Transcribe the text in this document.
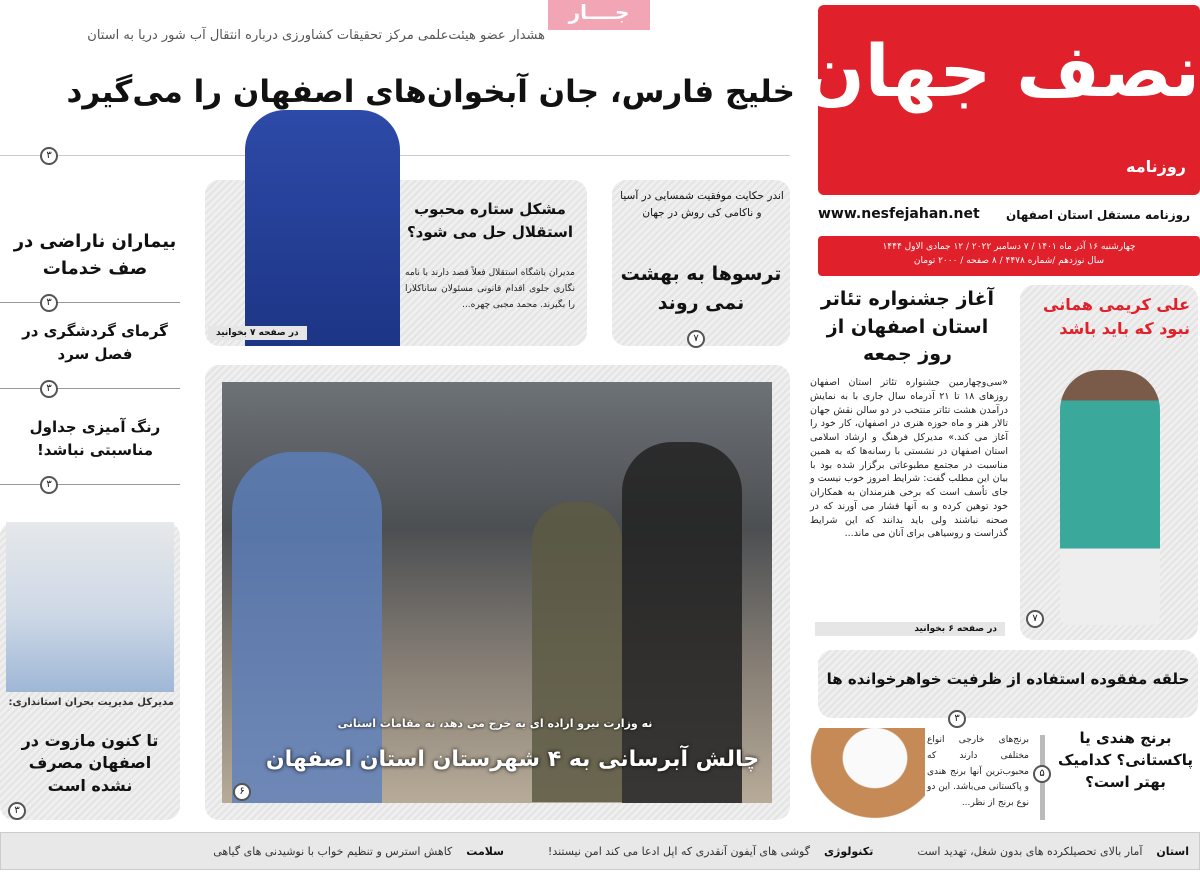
نصف جهان
روزنامه
روزنامه مستقل استان اصفهان
www.nesfejahan.net
چهارشنبه ۱۶ آذر ماه ۱۴۰۱ / ۷ دسامبر ۲۰۲۲ / ۱۲ جمادی الاول ۱۴۴۴
سال نوزدهم /شماره ۴۴۷۸ / ۸ صفحه / ۲۰۰۰ تومان
جــــار
هشدار عضو هیئت‌علمی مرکز تحقیقات کشاورزی درباره انتقال آب شور دریا به استان
خلیج فارس، جان آبخوان‌های اصفهان را می‌گیرد
۳
بیماران ناراضی در صف خدمات
۳
گرمای گردشگری در فصل سرد
۳
رنگ آمیزی جداول مناسبتی نباشد!
۳
مدیرکل مدیریت بحران استانداری:
تا کنون مازوت در اصفهان مصرف نشده است
۳
مشکل ستاره محبوب استقلال حل می شود؟
مدیران باشگاه استقلال فعلاً قصد دارند با نامه نگاری جلوی اقدام قانونی مسئولان ساناکلارا را بگیرند. محمد مجبی چهره...
در صفحه ۷ بخوانید
اندر حکایت موفقیت شمسایی در آسیا و ناکامی کی روش در جهان
ترسوها به بهشت نمی روند
۷
نه وزارت نیرو اراده ای به خرج می دهد، نه مقامات استانی
چالش آبرسانی به ۴ شهرستان استان اصفهان
۶
آغاز جشنواره تئاتر استان اصفهان از روز جمعه
«سی‌وچهارمین جشنواره تئاتر استان اصفهان روزهای ۱۸ تا ۲۱ آذرماه سال جاری با به نمایش درآمدن هشت تئاتر منتخب در دو سالن نقش جهان تالار هنر و ماه حوزه هنری در اصفهان، کار خود را آغاز می کند.» مدیرکل فرهنگ و ارشاد اسلامی استان اصفهان در نشستی با رسانه‌ها که به همین مناسبت در مجتمع مطبوعاتی برگزار شده بود با بیان این مطلب گفت: شرایط امروز خوب نیست و جای تأسف است که برخی هنرمندان به همکاران خود توهین کرده و به آنها فشار می آورند که در صحنه نباشند ولی باید بدانند که این شرایط گذراست و روسیاهی برای آنان می ماند...
در صفحه ۶ بخوانید
علی کریمی همانی نبود که باید باشد
۷
حلقه مفقوده استفاده از ظرفیت خواهرخوانده ها
۳
برنج‌های خارجی انواع مختلفی دارند که محبوب‌ترین آنها برنج هندی و پاکستانی می‌باشد. این دو نوع برنج از نظر...
۵
برنج هندی یا پاکستانی؟ کدامیک بهتر است؟
استان
آمار بالای تحصیلکرده های بدون شغل، تهدید است
تکنولوژی
گوشی های آیفون آنقدری که اپل ادعا می کند امن نیستند!
سلامت
کاهش استرس و تنظیم خواب با نوشیدنی های گیاهی
